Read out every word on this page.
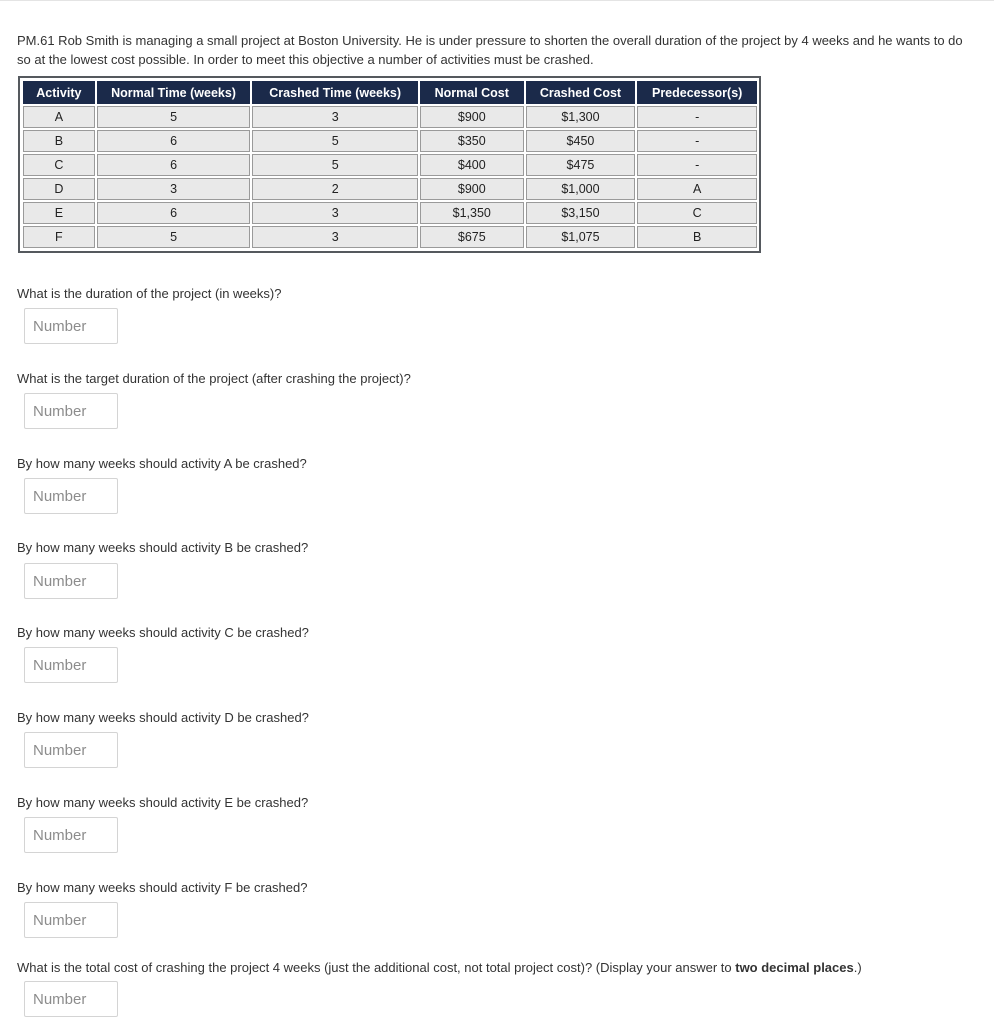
PM.61 Rob Smith is managing a small project at Boston University. He is under pressure to shorten the overall duration of the project by 4 weeks and he wants to do so at the lowest cost possible. In order to meet this objective a number of activities must be crashed.

Activity	Normal Time (weeks)	Crashed Time (weeks)	Normal Cost	Crashed Cost	Predecessor(s)
A	5	3	$900	$1,300	-
B	6	5	$350	$450	-
C	6	5	$400	$475	-
D	3	2	$900	$1,000	A
E	6	3	$1,350	$3,150	C
F	5	3	$675	$1,075	B

What is the duration of the project (in weeks)?

Number

What is the target duration of the project (after crashing the project)?

Number

By how many weeks should activity A be crashed?

Number

By how many weeks should activity B be crashed?

Number

By how many weeks should activity C be crashed?

Number

By how many weeks should activity D be crashed?

Number

By how many weeks should activity E be crashed?

Number

By how many weeks should activity F be crashed?

Number

What is the total cost of crashing the project 4 weeks (just the additional cost, not total project cost)? (Display your answer to two decimal places.)

Number
